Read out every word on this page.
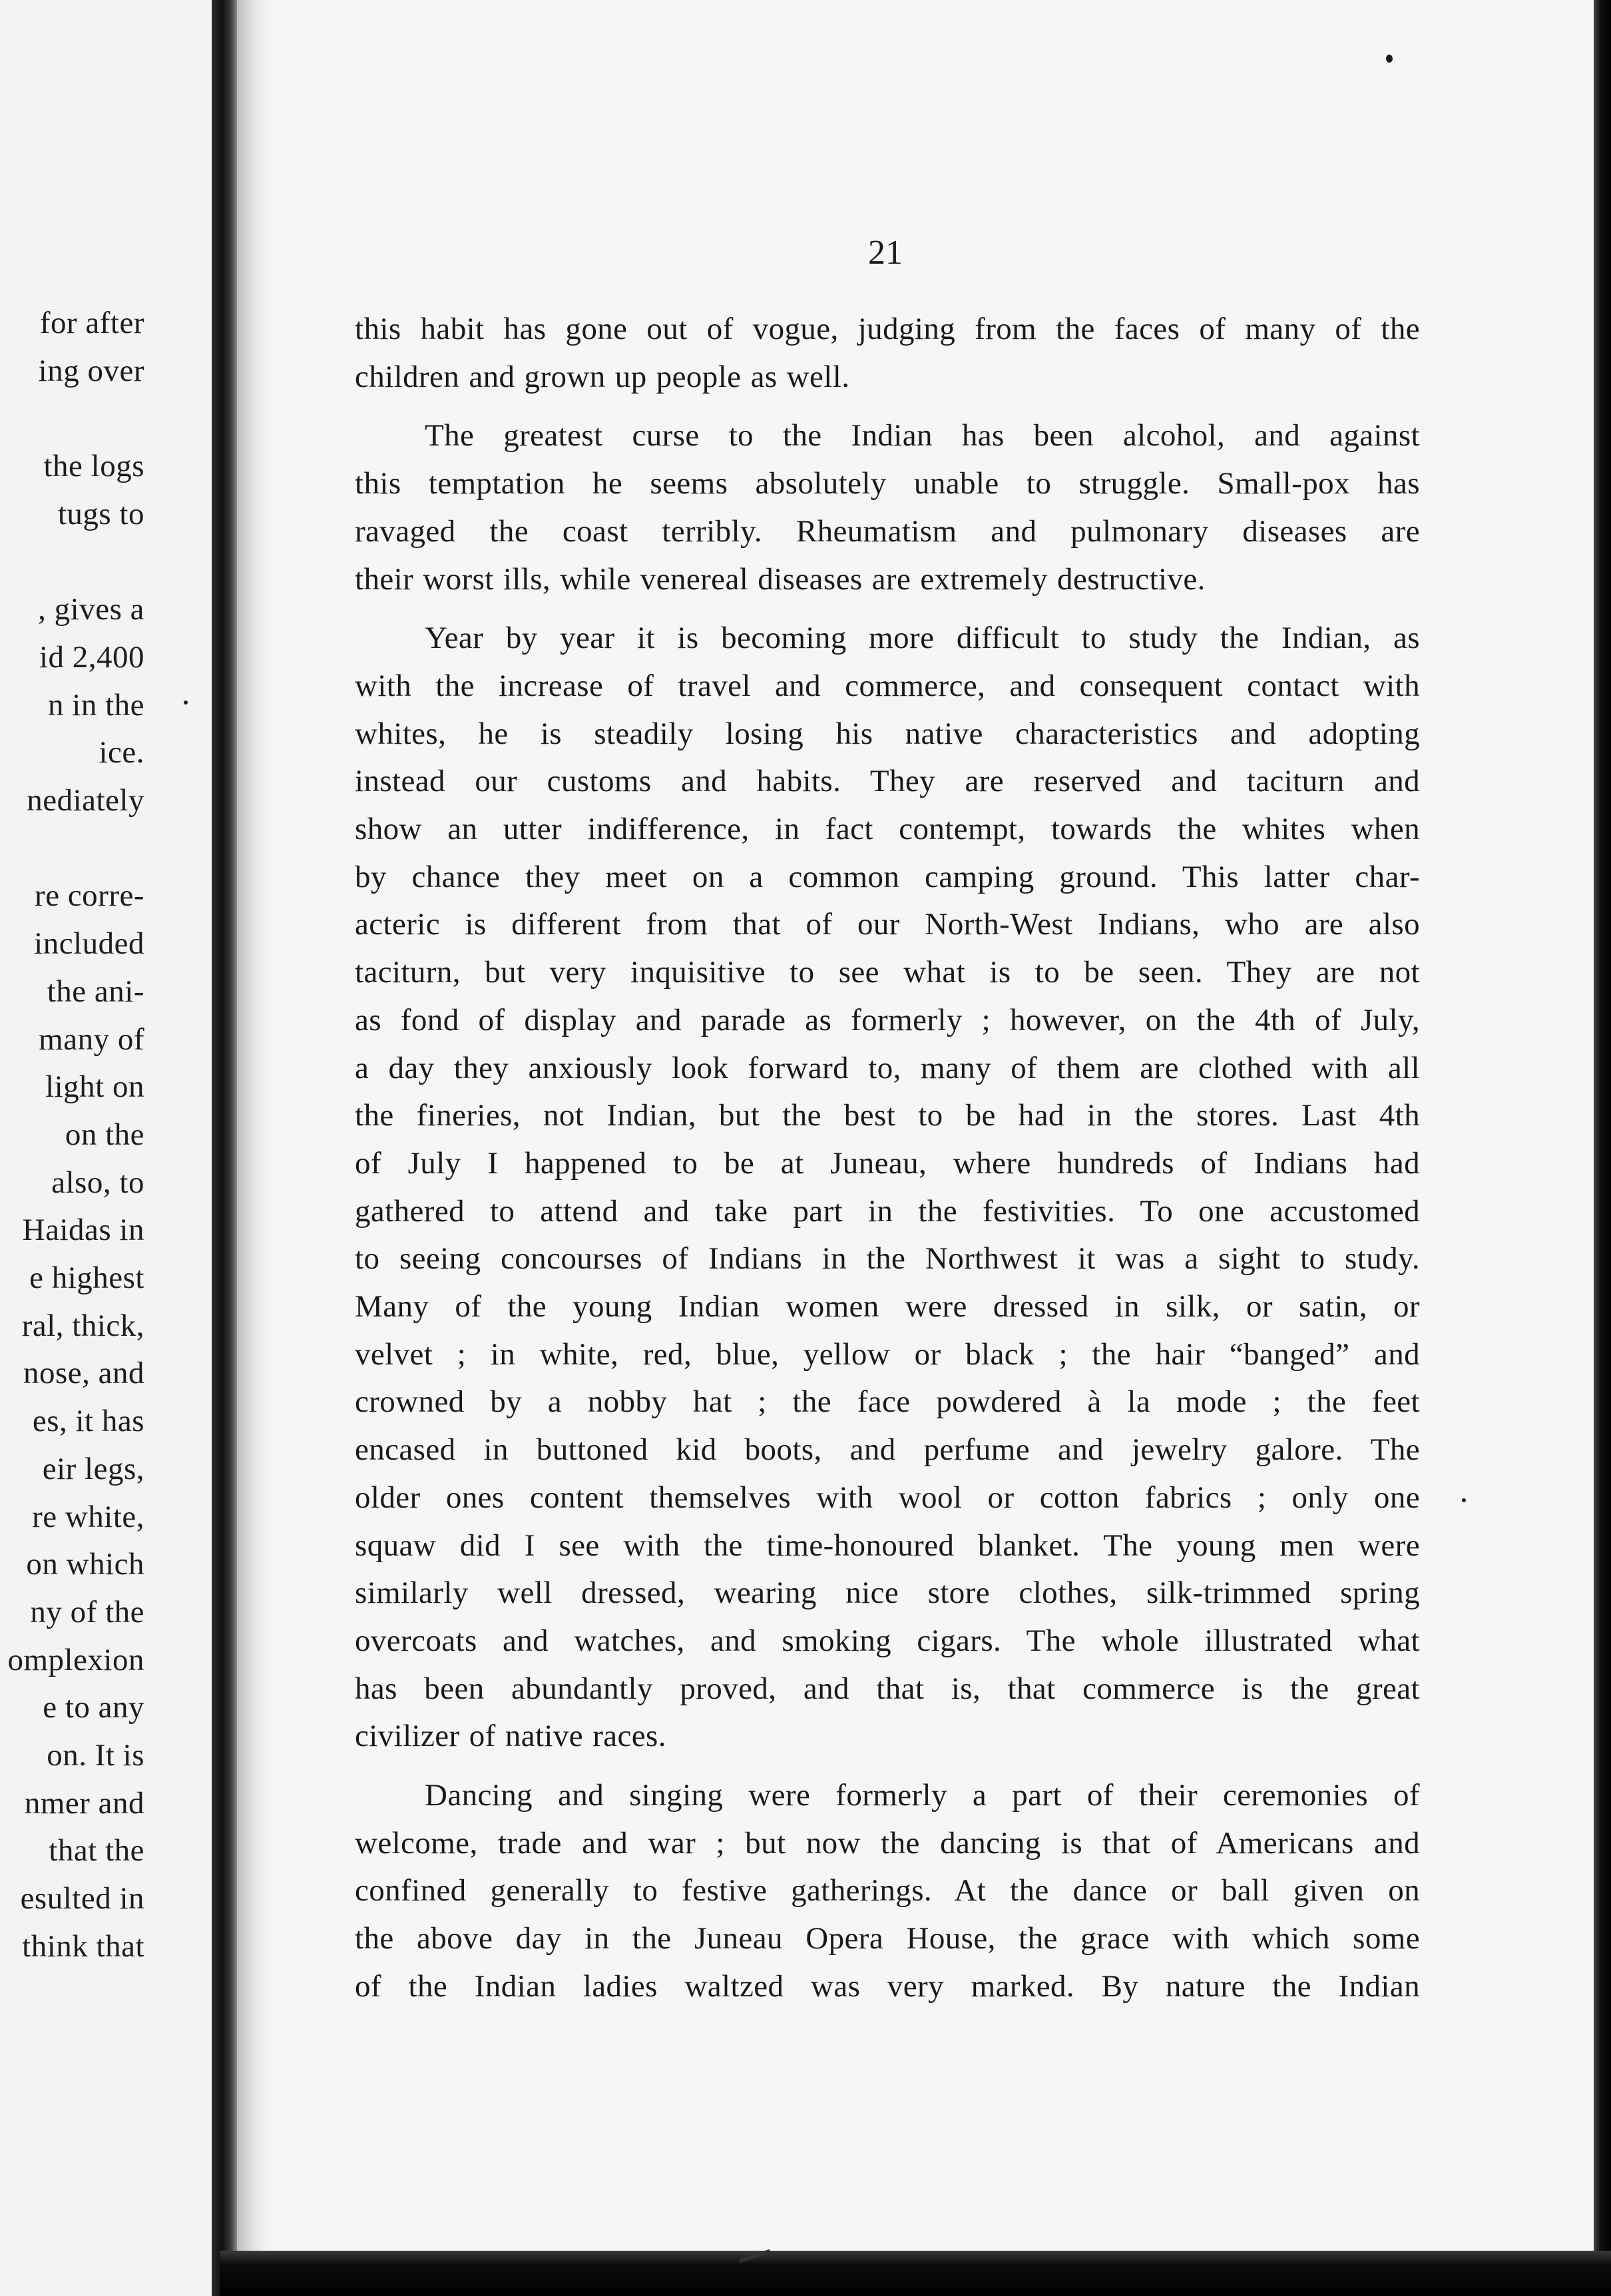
for after
ing over
the logs
tugs to
, gives a
id 2,400
n in the
ice.
nediately
re corre-
included
the ani-
many of
light on
on the
also, to
Haidas in
e highest
ral, thick,
nose, and
es, it has
eir legs,
re white,
on which
ny of the
omplexion
e to any
on. It is
nmer and
that the
esulted in
think that
21
this habit has gone out of vogue, judging from the faces of many of the
children and grown up people as well.
The greatest curse to the Indian has been alcohol, and against
this temptation he seems absolutely unable to struggle. Small-pox has
ravaged the coast terribly. Rheumatism and pulmonary diseases are
their worst ills, while venereal diseases are extremely destructive.
Year by year it is becoming more difficult to study the Indian, as
with the increase of travel and commerce, and consequent contact with
whites, he is steadily losing his native characteristics and adopting
instead our customs and habits. They are reserved and taciturn and
show an utter indifference, in fact contempt, towards the whites when
by chance they meet on a common camping ground. This latter char-
acteric is different from that of our North-West Indians, who are also
taciturn, but very inquisitive to see what is to be seen. They are not
as fond of display and parade as formerly ; however, on the 4th of July,
a day they anxiously look forward to, many of them are clothed with all
the fineries, not Indian, but the best to be had in the stores. Last 4th
of July I happened to be at Juneau, where hundreds of Indians had
gathered to attend and take part in the festivities. To one accustomed
to seeing concourses of Indians in the Northwest it was a sight to study.
Many of the young Indian women were dressed in silk, or satin, or
velvet ; in white, red, blue, yellow or black ; the hair “banged” and
crowned by a nobby hat ; the face powdered à la mode ; the feet
encased in buttoned kid boots, and perfume and jewelry galore. The
older ones content themselves with wool or cotton fabrics ; only one
squaw did I see with the time-honoured blanket. The young men were
similarly well dressed, wearing nice store clothes, silk-trimmed spring
overcoats and watches, and smoking cigars. The whole illustrated what
has been abundantly proved, and that is, that commerce is the great
civilizer of native races.
Dancing and singing were formerly a part of their ceremonies of
welcome, trade and war ; but now the dancing is that of Americans and
confined generally to festive gatherings. At the dance or ball given on
the above day in the Juneau Opera House, the grace with which some
of the Indian ladies waltzed was very marked. By nature the Indian
